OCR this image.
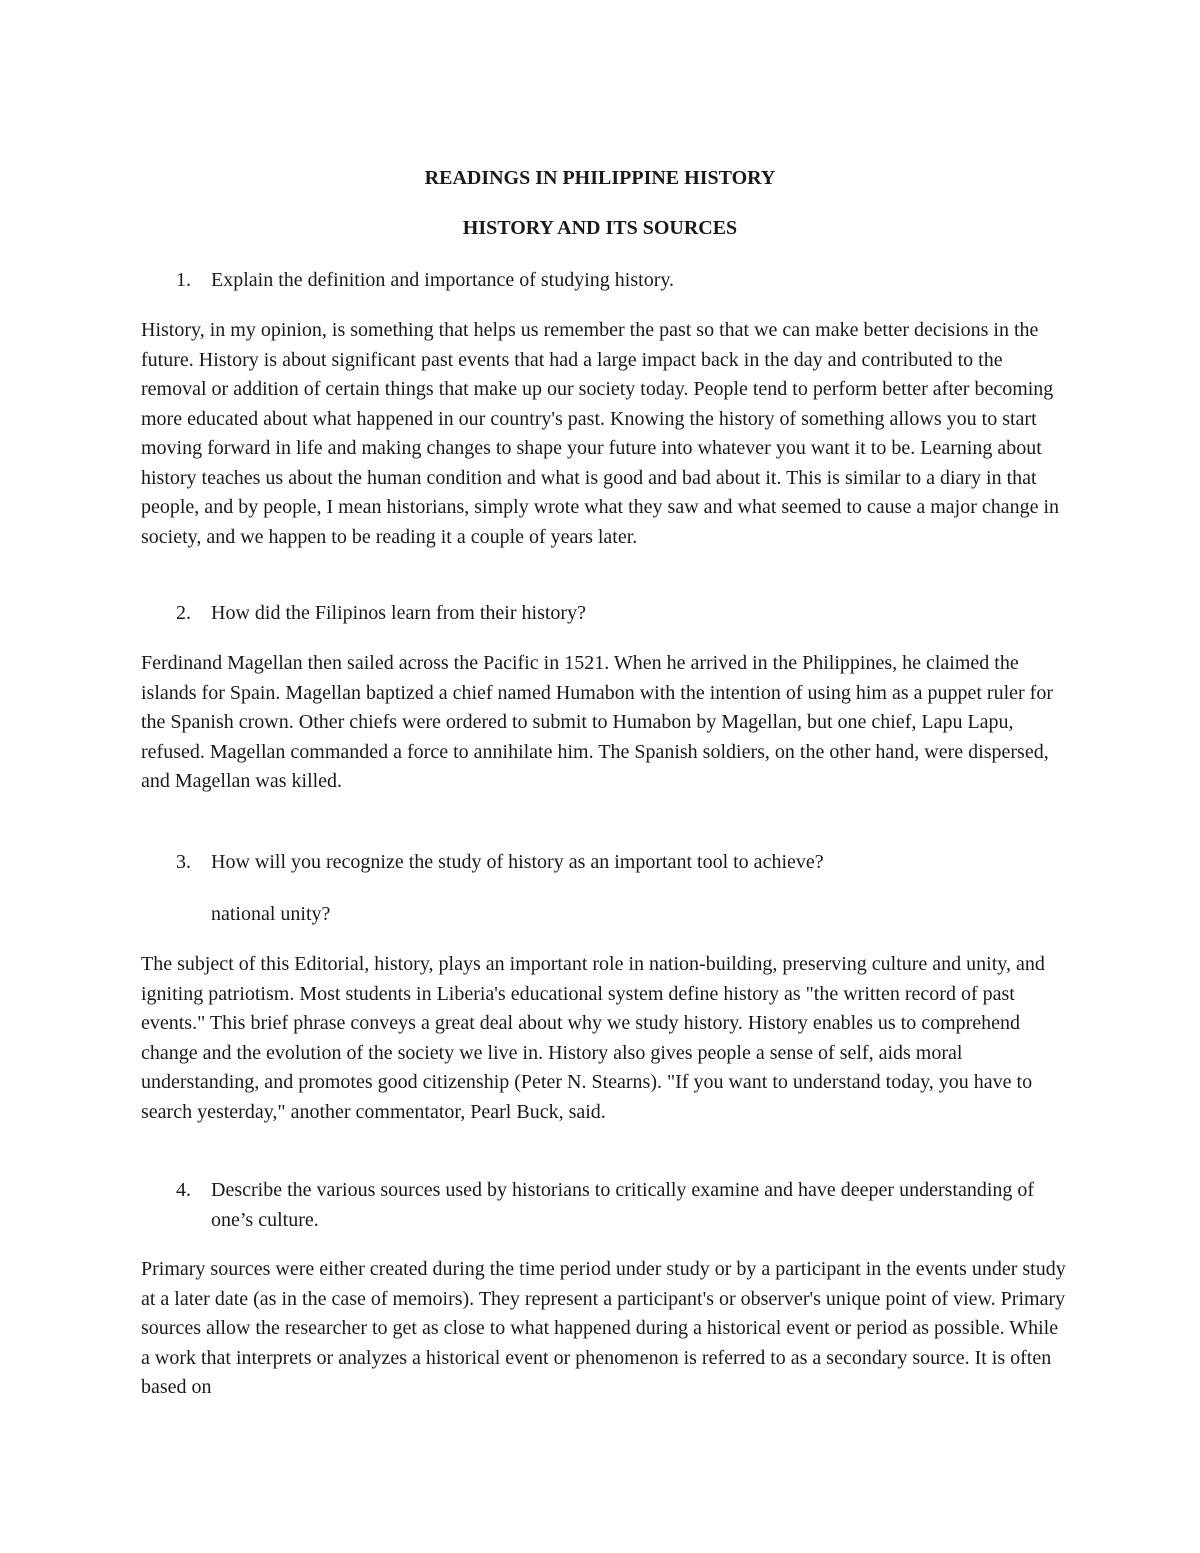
READINGS IN PHILIPPINE HISTORY
HISTORY AND ITS SOURCES
1. Explain the definition and importance of studying history.

History, in my opinion, is something that helps us remember the past so that we can make better decisions in the future. History is about significant past events that had a large impact back in the day and contributed to the removal or addition of certain things that make up our society today. People tend to perform better after becoming more educated about what happened in our country's past. Knowing the history of something allows you to start moving forward in life and making changes to shape your future into whatever you want it to be. Learning about history teaches us about the human condition and what is good and bad about it. This is similar to a diary in that people, and by people, I mean historians, simply wrote what they saw and what seemed to cause a major change in society, and we happen to be reading it a couple of years later.

2. How did the Filipinos learn from their history?

Ferdinand Magellan then sailed across the Pacific in 1521. When he arrived in the Philippines, he claimed the islands for Spain. Magellan baptized a chief named Humabon with the intention of using him as a puppet ruler for the Spanish crown. Other chiefs were ordered to submit to Humabon by Magellan, but one chief, Lapu Lapu, refused. Magellan commanded a force to annihilate him. The Spanish soldiers, on the other hand, were dispersed, and Magellan was killed.

3. How will you recognize the study of history as an important tool to achieve?
national unity?

The subject of this Editorial, history, plays an important role in nation-building, preserving culture and unity, and igniting patriotism. Most students in Liberia's educational system define history as "the written record of past events." This brief phrase conveys a great deal about why we study history. History enables us to comprehend change and the evolution of the society we live in. History also gives people a sense of self, aids moral understanding, and promotes good citizenship (Peter N. Stearns). "If you want to understand today, you have to search yesterday," another commentator, Pearl Buck, said.

4. Describe the various sources used by historians to critically examine and have deeper understanding of one’s culture.

Primary sources were either created during the time period under study or by a participant in the events under study at a later date (as in the case of memoirs). They represent a participant's or observer's unique point of view. Primary sources allow the researcher to get as close to what happened during a historical event or period as possible. While a work that interprets or analyzes a historical event or phenomenon is referred to as a secondary source. It is often based on
